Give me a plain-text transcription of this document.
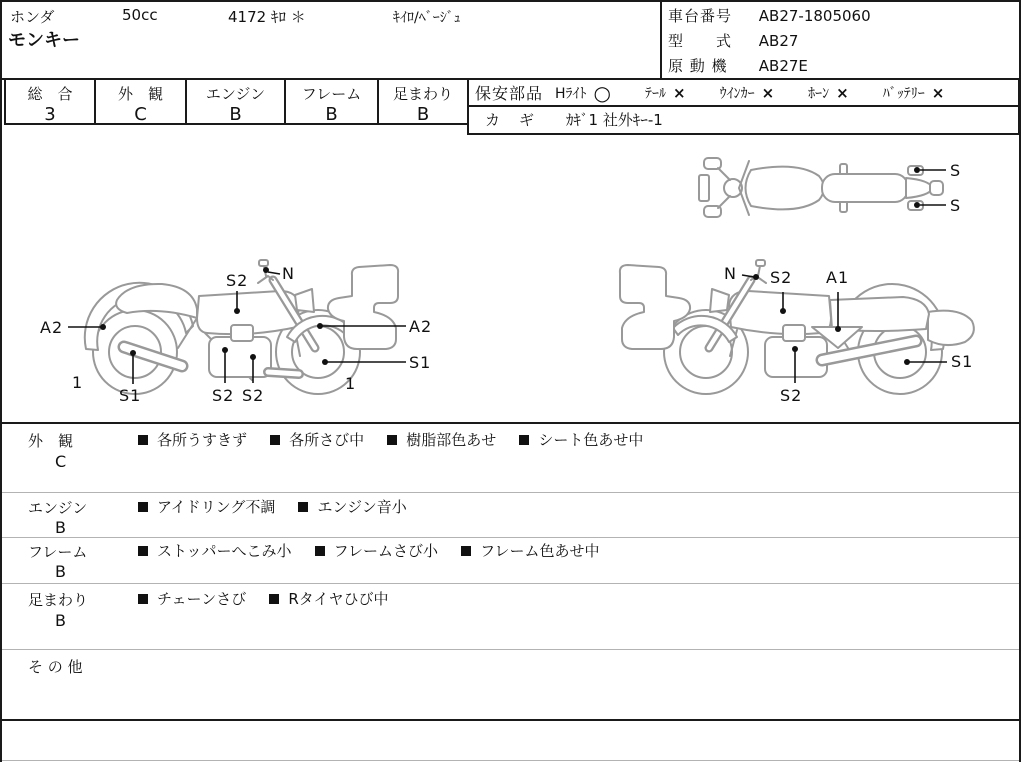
ホンダ	50cc	4172 ｷﾛ ＊	ｷｲﾛ/ﾍﾞｰｼﾞｭ
モンキー
車台番号 AB27-1805060
型　　式 AB27
原 動 機 AB27E
総　合
3
外　観
C
エンジン
B
フレーム
B
足まわり
B
保安部品 Hﾗｲﾄ ○ ﾃｰﾙ × ｳｲﾝｶｰ × ﾎｰﾝ × ﾊﾞｯﾃﾘｰ ×
カ　ギ ｶｷﾞ1 社外ｷｰ-1
A2
S2 N
A2
S1
1
S1	S2 S2
1
N S2 A1
S2
S1
S
S
外　観
C
各所うすきず
	各所さび中
	樹脂部色あせ
	シート色あせ中
エンジン
B
アイドリング不調
	エンジン音小
フレーム
B
ストッパーへこみ小
	フレームさび小
	フレーム色あせ中
足まわり
B
チェーンさび
	Rタイヤひび中
そ の 他
